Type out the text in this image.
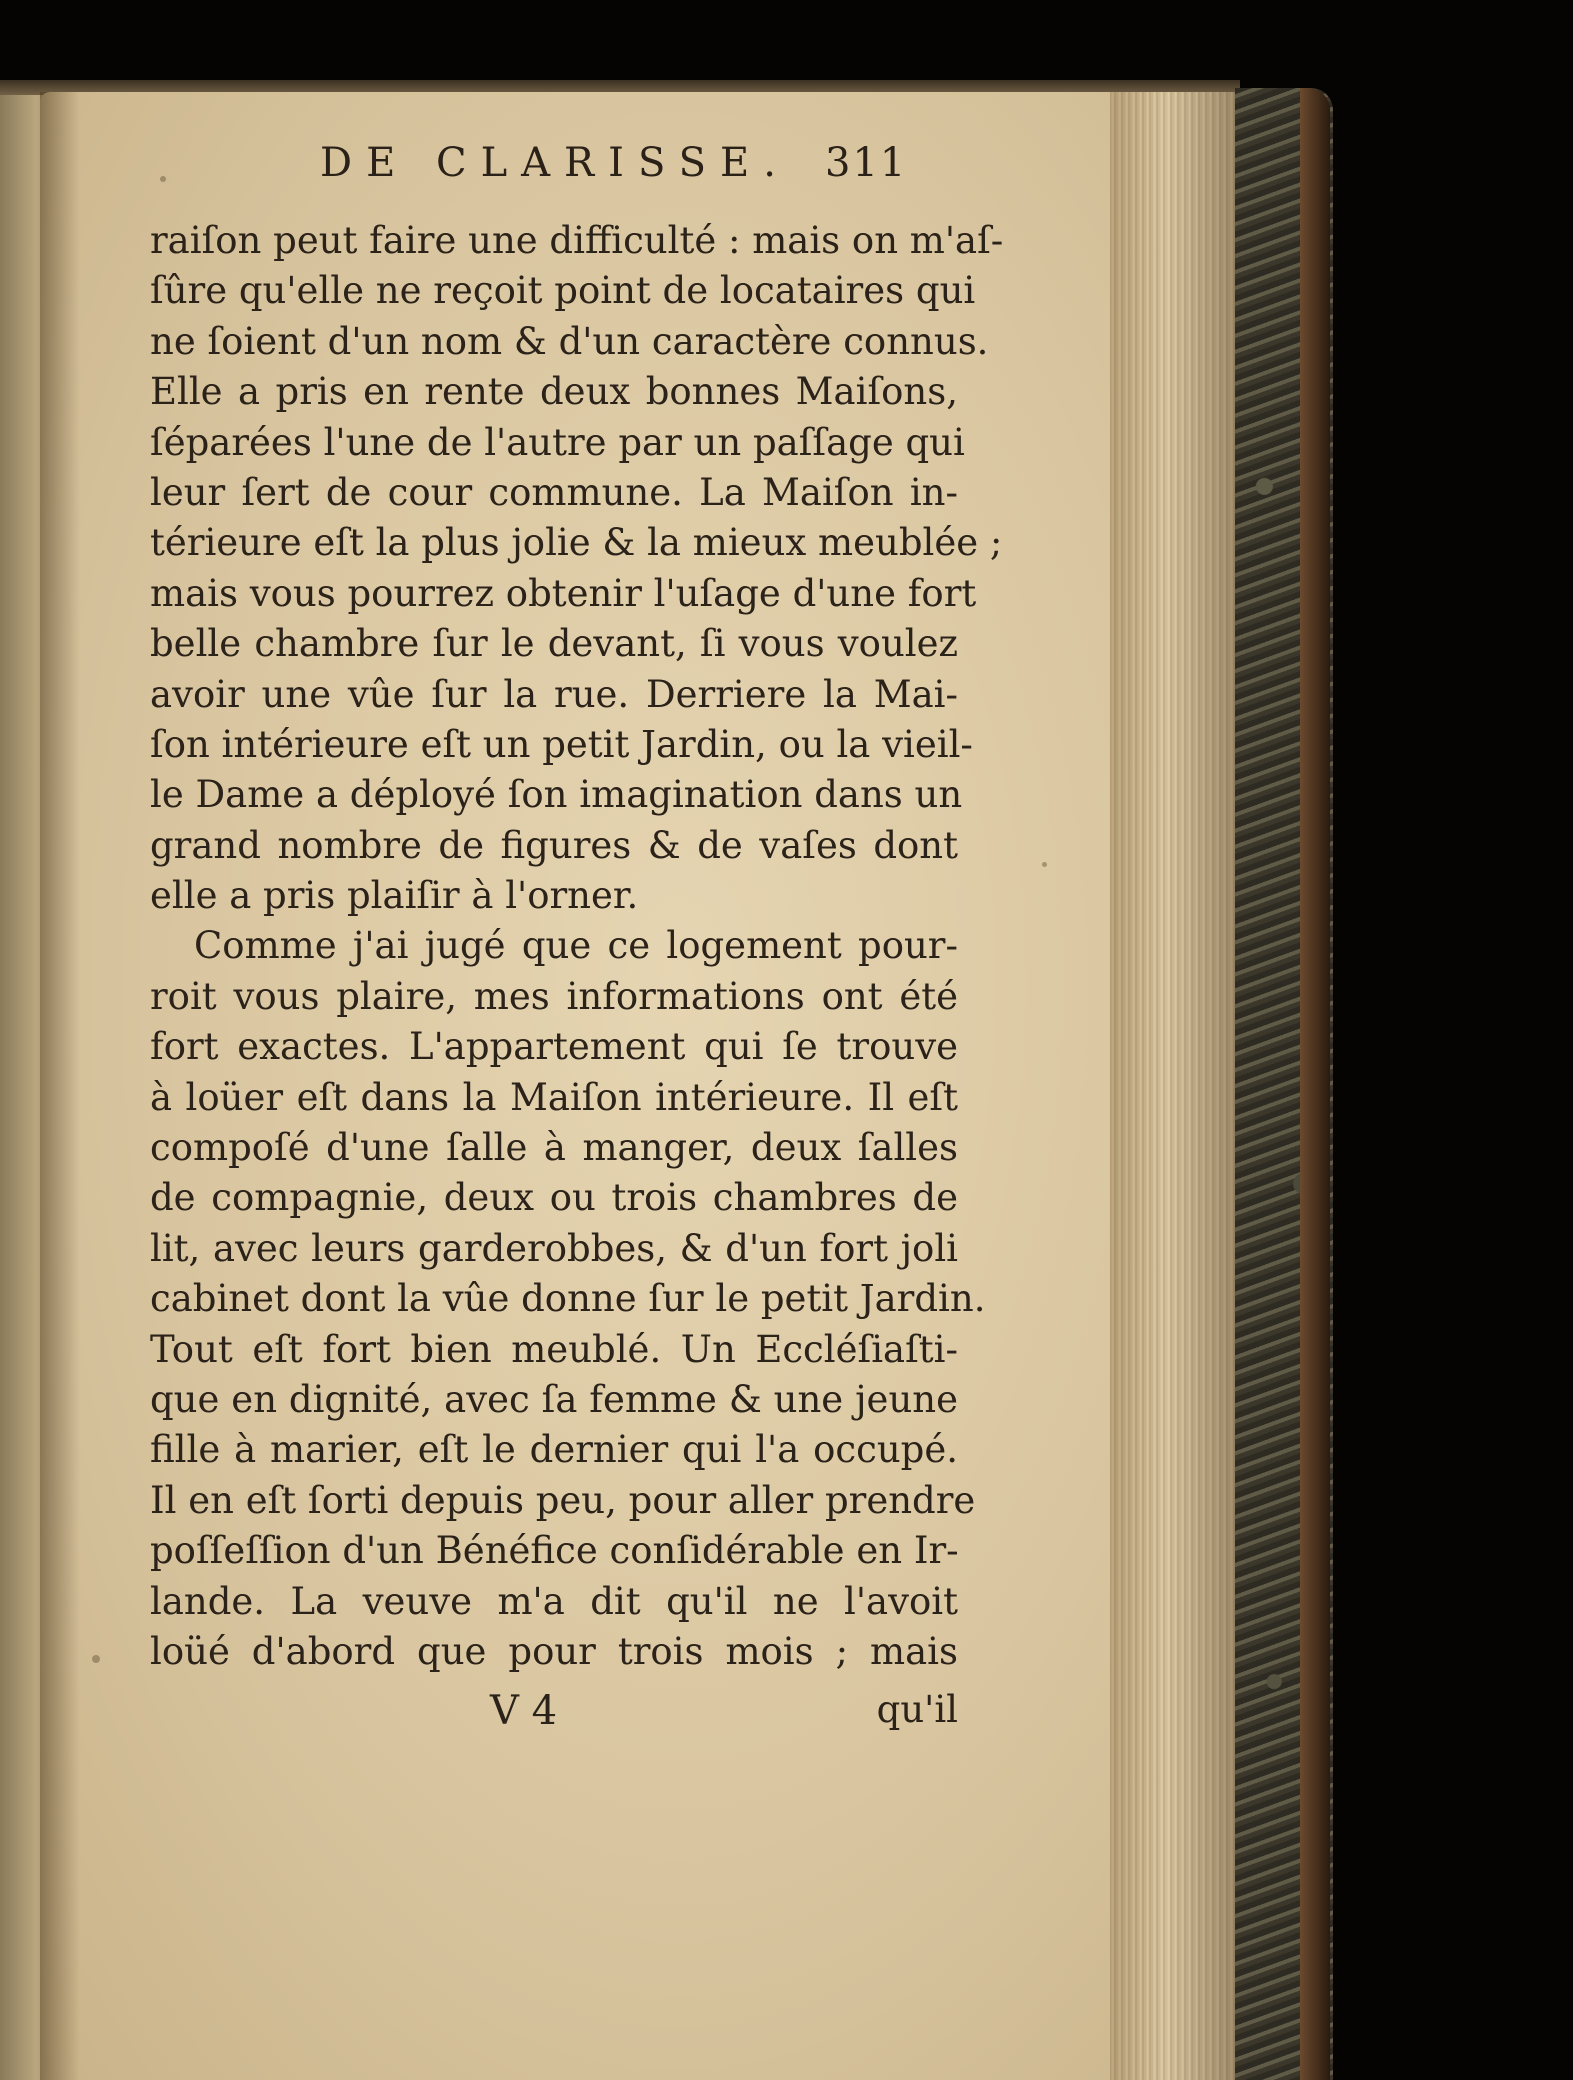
DE CLARISSE. 311
raiſon peut faire une difficulté : mais on m'aſ-
ſûre qu'elle ne reçoit point de locataires qui
ne ſoient d'un nom & d'un caractère connus.
Elle a pris en rente deux bonnes Maiſons,
ſéparées l'une de l'autre par un paſſage qui
leur ſert de cour commune. La Maiſon in-
térieure eſt la plus jolie & la mieux meublée ;
mais vous pourrez obtenir l'uſage d'une fort
belle chambre ſur le devant, ſi vous voulez
avoir une vûe ſur la rue. Derriere la Mai-
ſon intérieure eſt un petit Jardin, ou la vieil-
le Dame a déployé ſon imagination dans un
grand nombre de figures & de vaſes dont
elle a pris plaiſir à l'orner.
Comme j'ai jugé que ce logement pour-
roit vous plaire, mes informations ont été
fort exactes. L'appartement qui ſe trouve
à loüer eſt dans la Maiſon intérieure. Il eſt
compoſé d'une ſalle à manger, deux ſalles
de compagnie, deux ou trois chambres de
lit, avec leurs garderobbes, & d'un fort joli
cabinet dont la vûe donne ſur le petit Jardin.
Tout eſt fort bien meublé. Un Eccléſiaſti-
que en dignité, avec ſa femme & une jeune
fille à marier, eſt le dernier qui l'a occupé.
Il en eſt ſorti depuis peu, pour aller prendre
poſſeſſion d'un Bénéfice conſidérable en Ir-
lande. La veuve m'a dit qu'il ne l'avoit
loüé d'abord que pour trois mois ; mais
V 4	qu'il
